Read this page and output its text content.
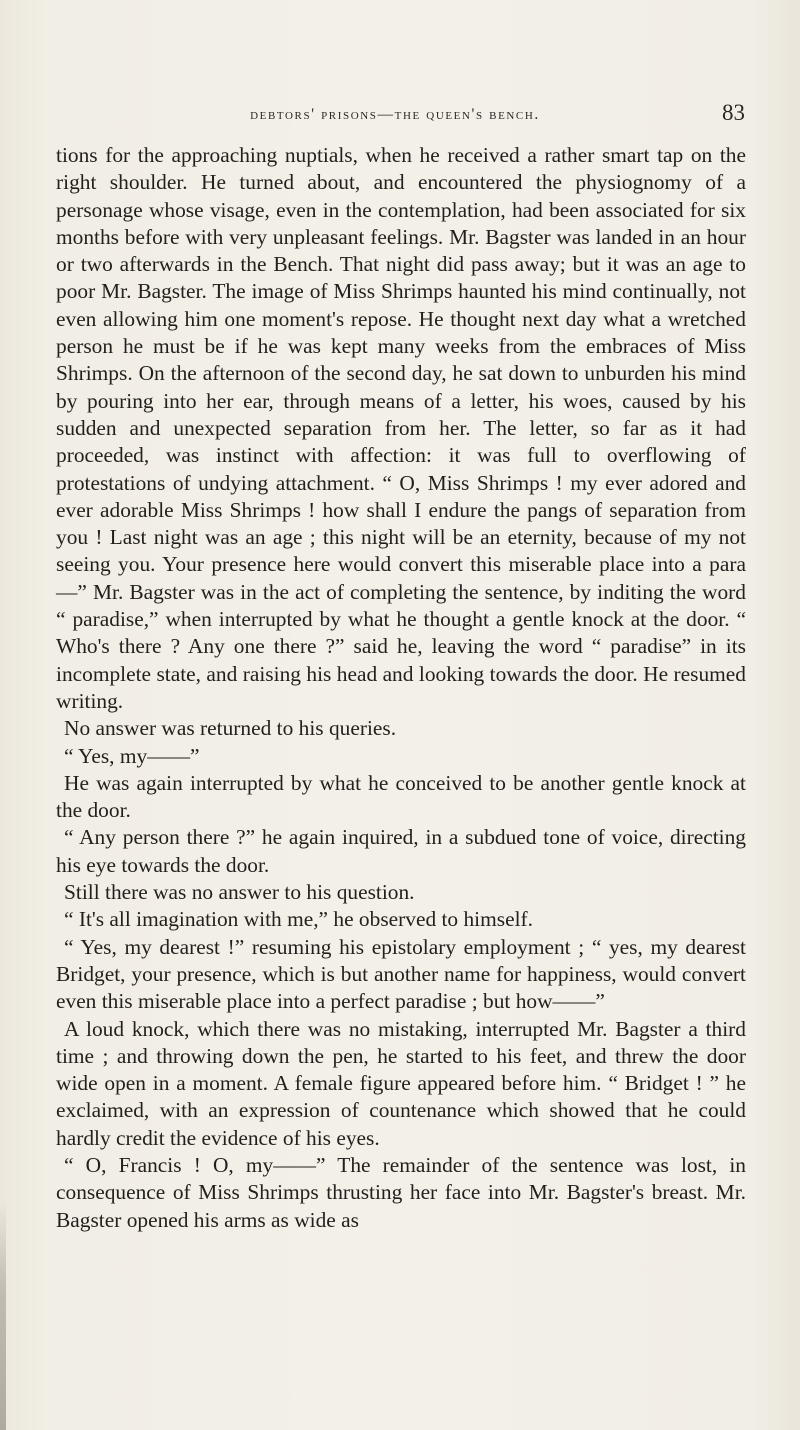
debtors' prisons—the queen's bench.	83

tions for the approaching nuptials, when he received a rather smart tap on the right shoulder. He turned about, and encountered the physiognomy of a personage whose visage, even in the contemplation, had been associated for six months before with very unpleasant feelings. Mr. Bagster was landed in an hour or two afterwards in the Bench. That night did pass away; but it was an age to poor Mr. Bagster. The image of Miss Shrimps haunted his mind continually, not even allowing him one moment's repose. He thought next day what a wretched person he must be if he was kept many weeks from the embraces of Miss Shrimps. On the afternoon of the second day, he sat down to unburden his mind by pouring into her ear, through means of a letter, his woes, caused by his sudden and unexpected separation from her. The letter, so far as it had proceeded, was instinct with affection: it was full to overflowing of protestations of undying attachment. “ O, Miss Shrimps ! my ever adored and ever adorable Miss Shrimps ! how shall I endure the pangs of separation from you ! Last night was an age ; this night will be an eternity, because of my not seeing you. Your presence here would convert this miserable place into a para—” Mr. Bagster was in the act of completing the sentence, by inditing the word “ paradise,” when interrupted by what he thought a gentle knock at the door. “ Who's there ? Any one there ?” said he, leaving the word “ paradise” in its incomplete state, and raising his head and looking towards the door. He resumed writing.

No answer was returned to his queries.

“ Yes, my——”

He was again interrupted by what he conceived to be another gentle knock at the door.

“ Any person there ?” he again inquired, in a subdued tone of voice, directing his eye towards the door.

Still there was no answer to his question.

“ It's all imagination with me,” he observed to himself.

“ Yes, my dearest !” resuming his epistolary employment ; “ yes, my dearest Bridget, your presence, which is but another name for happiness, would convert even this miserable place into a perfect paradise ; but how——”

A loud knock, which there was no mistaking, interrupted Mr. Bagster a third time ; and throwing down the pen, he started to his feet, and threw the door wide open in a moment. A female figure appeared before him. “ Bridget ! ” he exclaimed, with an expression of countenance which showed that he could hardly credit the evidence of his eyes.

“ O, Francis ! O, my——” The remainder of the sentence was lost, in consequence of Miss Shrimps thrusting her face into Mr. Bagster's breast. Mr. Bagster opened his arms as wide as
